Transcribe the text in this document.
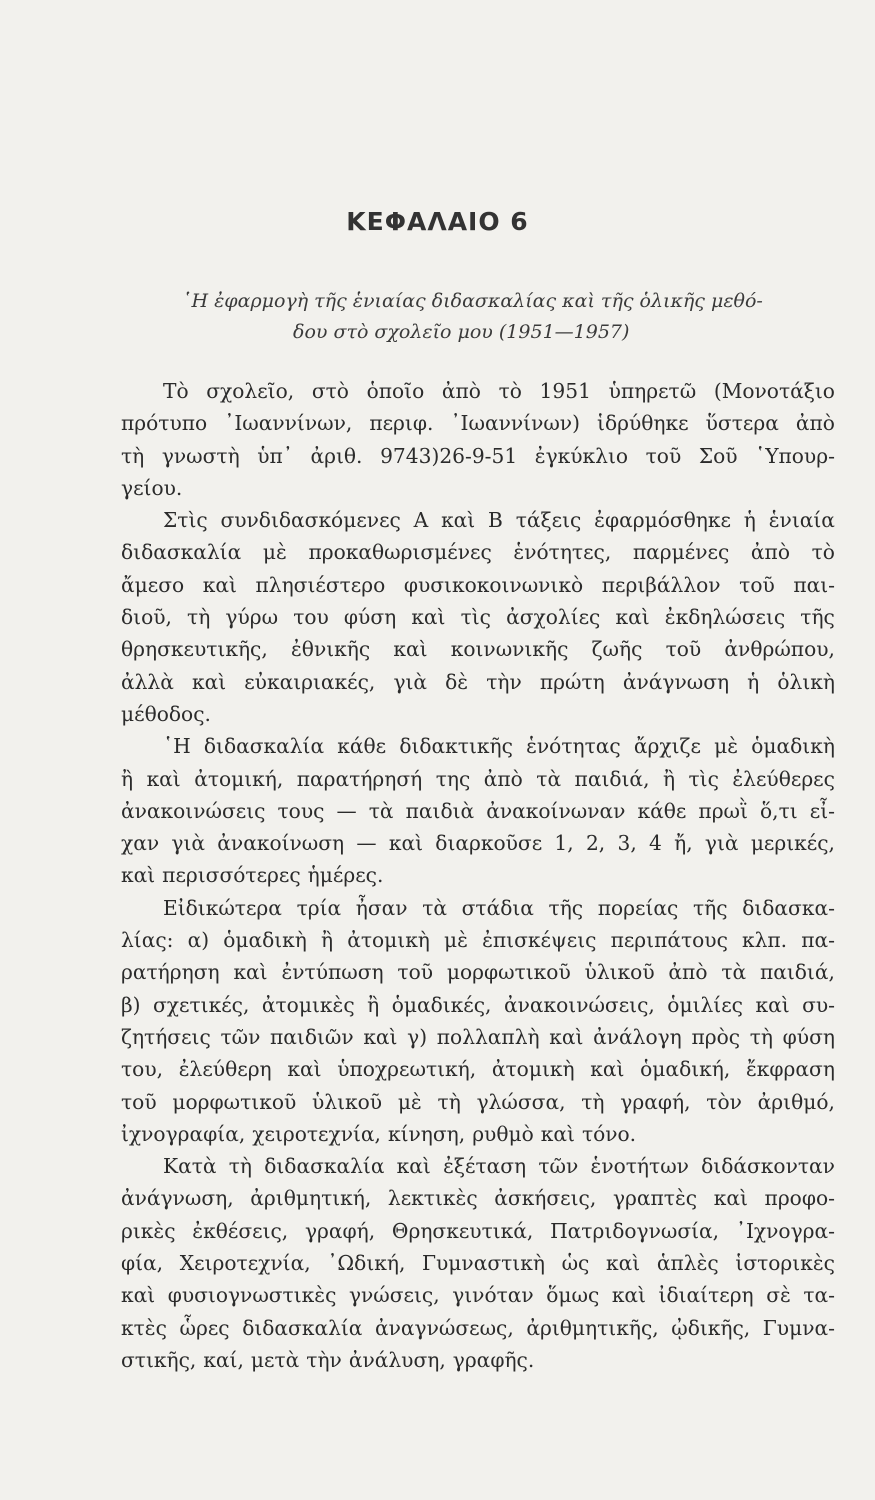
ΚΕΦΑΛΑΙΟ 6

῾Η ἐφαρμογὴ τῆς ἑνιαίας διδασκαλίας καὶ τῆς ὁλικῆς μεθό-

δου στὸ σχολεῖο μου (1951—1957)

Τὸ σχολεῖο, στὸ ὁποῖο ἀπὸ τὸ 1951 ὑπηρετῶ (Μονοτάξιο
πρότυπο ᾿Ιωαννίνων, περιφ. ᾿Ιωαννίνων) ἱδρύθηκε ὕστερα ἀπὸ
τὴ γνωστὴ ὑπ᾿ ἀριθ. 9743)26-9-51 ἐγκύκλιο τοῦ Σοῦ ῾Υπουρ-
γείου.
Στὶς συνδιδασκόμενες Α καὶ Β τάξεις ἐφαρμόσθηκε ἡ ἑνιαία
διδασκαλία μὲ προκαθωρισμένες ἑνότητες, παρμένες ἀπὸ τὸ
ἄμεσο καὶ πλησιέστερο φυσικοκοινωνικὸ περιβάλλον τοῦ παι-
διοῦ, τὴ γύρω του φύση καὶ τὶς ἀσχολίες καὶ ἐκδηλώσεις τῆς
θρησκευτικῆς, ἐθνικῆς καὶ κοινωνικῆς ζωῆς τοῦ ἀνθρώπου,
ἀλλὰ καὶ εὐκαιριακές, γιὰ δὲ τὴν πρώτη ἀνάγνωση ἡ ὁλικὴ
μέθοδος.
῾Η διδασκαλία κάθε διδακτικῆς ἑνότητας ἄρχιζε μὲ ὁμαδικὴ
ἢ καὶ ἀτομική, παρατήρησή της ἀπὸ τὰ παιδιά, ἢ τὶς ἐλεύθερες
ἀνακοινώσεις τους — τὰ παιδιὰ ἀνακοίνωναν κάθε πρωῒ ὅ,τι εἶ-
χαν γιὰ ἀνακοίνωση — καὶ διαρκοῦσε 1, 2, 3, 4 ἤ, γιὰ μερικές,
καὶ περισσότερες ἡμέρες.
Εἰδικώτερα τρία ἦσαν τὰ στάδια τῆς πορείας τῆς διδασκα-
λίας: α) ὁμαδικὴ ἢ ἀτομικὴ μὲ ἐπισκέψεις περιπάτους κλπ. πα-
ρατήρηση καὶ ἐντύπωση τοῦ μορφωτικοῦ ὑλικοῦ ἀπὸ τὰ παιδιά,
β) σχετικές, ἀτομικὲς ἢ ὁμαδικές, ἀνακοινώσεις, ὁμιλίες καὶ συ-
ζητήσεις τῶν παιδιῶν καὶ γ) πολλαπλὴ καὶ ἀνάλογη πρὸς τὴ φύση
του, ἐλεύθερη καὶ ὑποχρεωτική, ἀτομικὴ καὶ ὁμαδική, ἔκφραση
τοῦ μορφωτικοῦ ὑλικοῦ μὲ τὴ γλώσσα, τὴ γραφή, τὸν ἀριθμό,
ἰχνογραφία, χειροτεχνία, κίνηση, ρυθμὸ καὶ τόνο.
Κατὰ τὴ διδασκαλία καὶ ἐξέταση τῶν ἑνοτήτων διδάσκονταν
ἀνάγνωση, ἀριθμητική, λεκτικὲς ἀσκήσεις, γραπτὲς καὶ προφο-
ρικὲς ἐκθέσεις, γραφή, Θρησκευτικά, Πατριδογνωσία, ᾿Ιχνογρα-
φία, Χειροτεχνία, ᾿Ωδική, Γυμναστικὴ ὡς καὶ ἁπλὲς ἱστορικὲς
καὶ φυσιογνωστικὲς γνώσεις, γινόταν ὅμως καὶ ἰδιαίτερη σὲ τα-
κτὲς ὧρες διδασκαλία ἀναγνώσεως, ἀριθμητικῆς, ᾠδικῆς, Γυμνα-
στικῆς, καί, μετὰ τὴν ἀνάλυση, γραφῆς.
